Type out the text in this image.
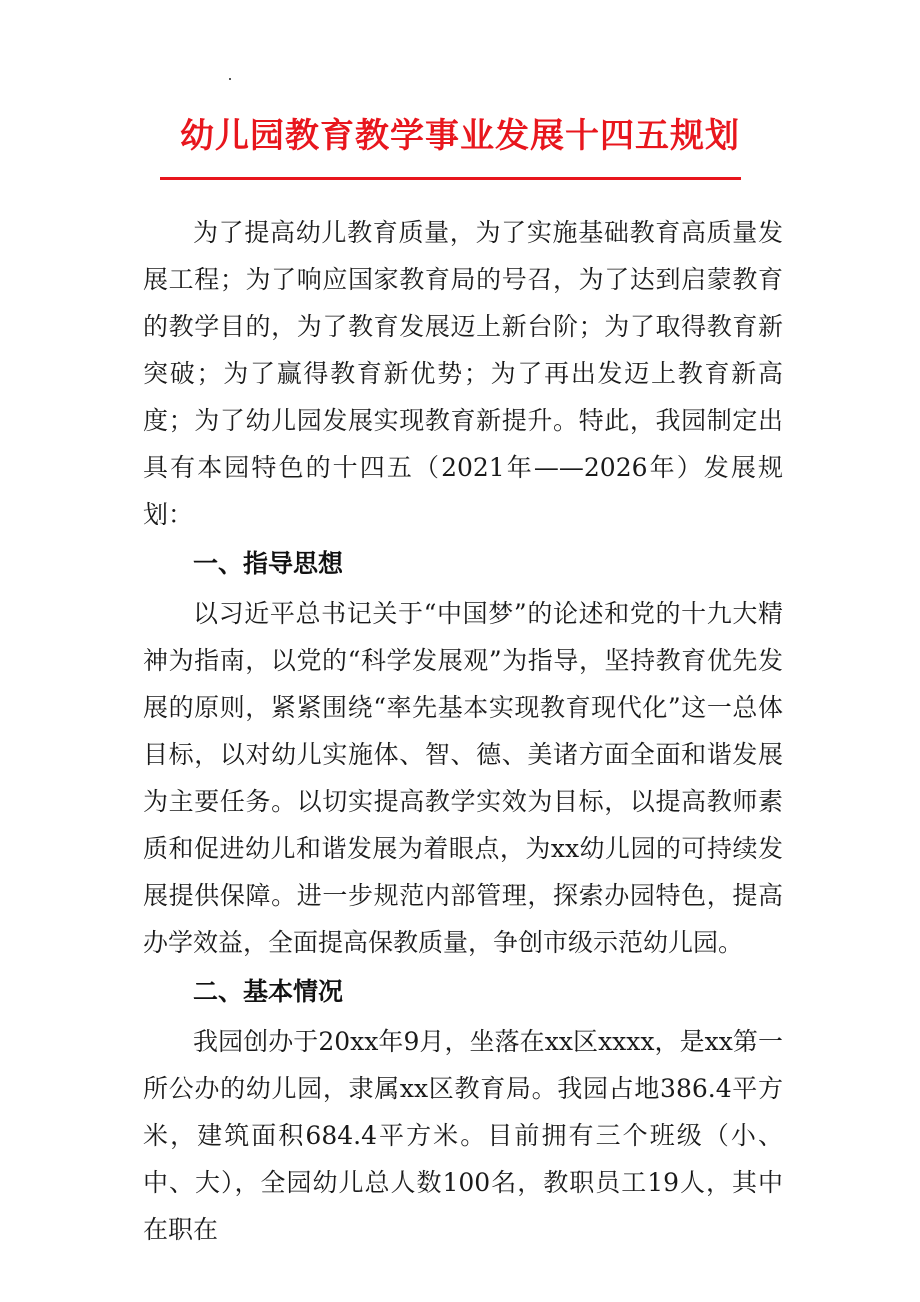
幼儿园教育教学事业发展十四五规划

为了提高幼儿教育质量，为了实施基础教育高质量发展工程；为了响应国家教育局的号召，为了达到启蒙教育的教学目的，为了教育发展迈上新台阶；为了取得教育新突破；为了赢得教育新优势；为了再出发迈上教育新高度；为了幼儿园发展实现教育新提升。特此，我园制定出具有本园特色的十四五（2021年——2026年）发展规划：

一、指导思想

以习近平总书记关于“中国梦”的论述和党的十九大精神为指南，以党的“科学发展观”为指导，坚持教育优先发展的原则，紧紧围绕“率先基本实现教育现代化”这一总体目标，以对幼儿实施体、智、德、美诸方面全面和谐发展为主要任务。以切实提高教学实效为目标，以提高教师素质和促进幼儿和谐发展为着眼点，为xx幼儿园的可持续发展提供保障。进一步规范内部管理，探索办园特色，提高办学效益，全面提高保教质量，争创市级示范幼儿园。

二、基本情况

我园创办于20xx年9月，坐落在xx区xxxx，是xx第一所公办的幼儿园，隶属xx区教育局。我园占地386.4平方米，建筑面积684.4平方米。目前拥有三个班级（小、中、大），全园幼儿总人数100名，教职员工19人，其中在职在
